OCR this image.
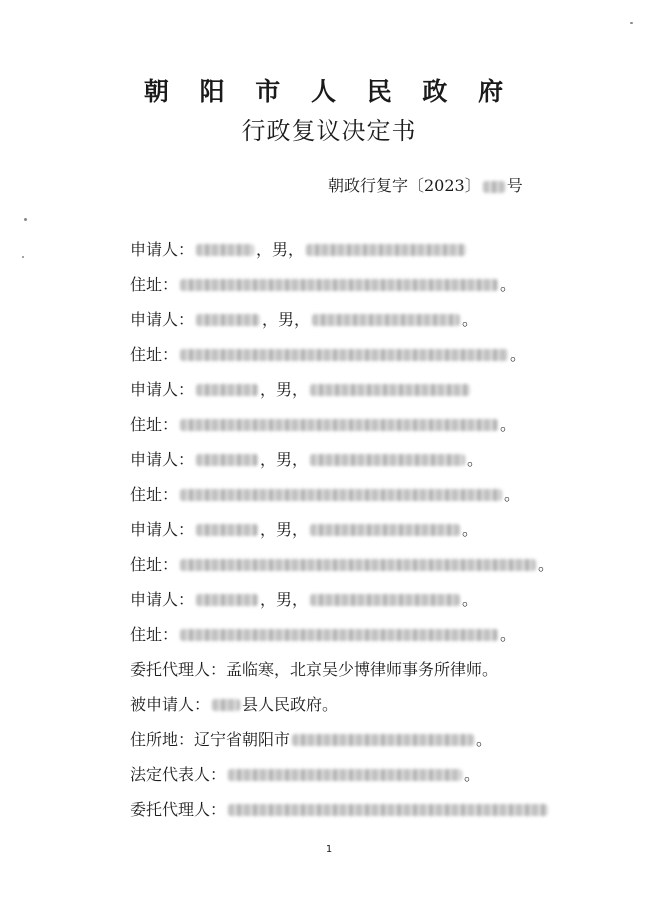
朝 阳 市 人 民 政 府
行政复议决定书
朝政行复字〔2023〕 号
申请人：	，男，
住址：	。
申请人：	，男，	。
住址：	。
申请人：	，男，
住址：	。
申请人：	，男，	。
住址：	。
申请人：	，男，	。
住址：	。
申请人：	，男，	。
住址：	。
委托代理人：孟临寒，北京吴少博律师事务所律师。
被申请人： 县人民政府。
住所地：辽宁省朝阳市	。
法定代表人：	。
委托代理人：
1
